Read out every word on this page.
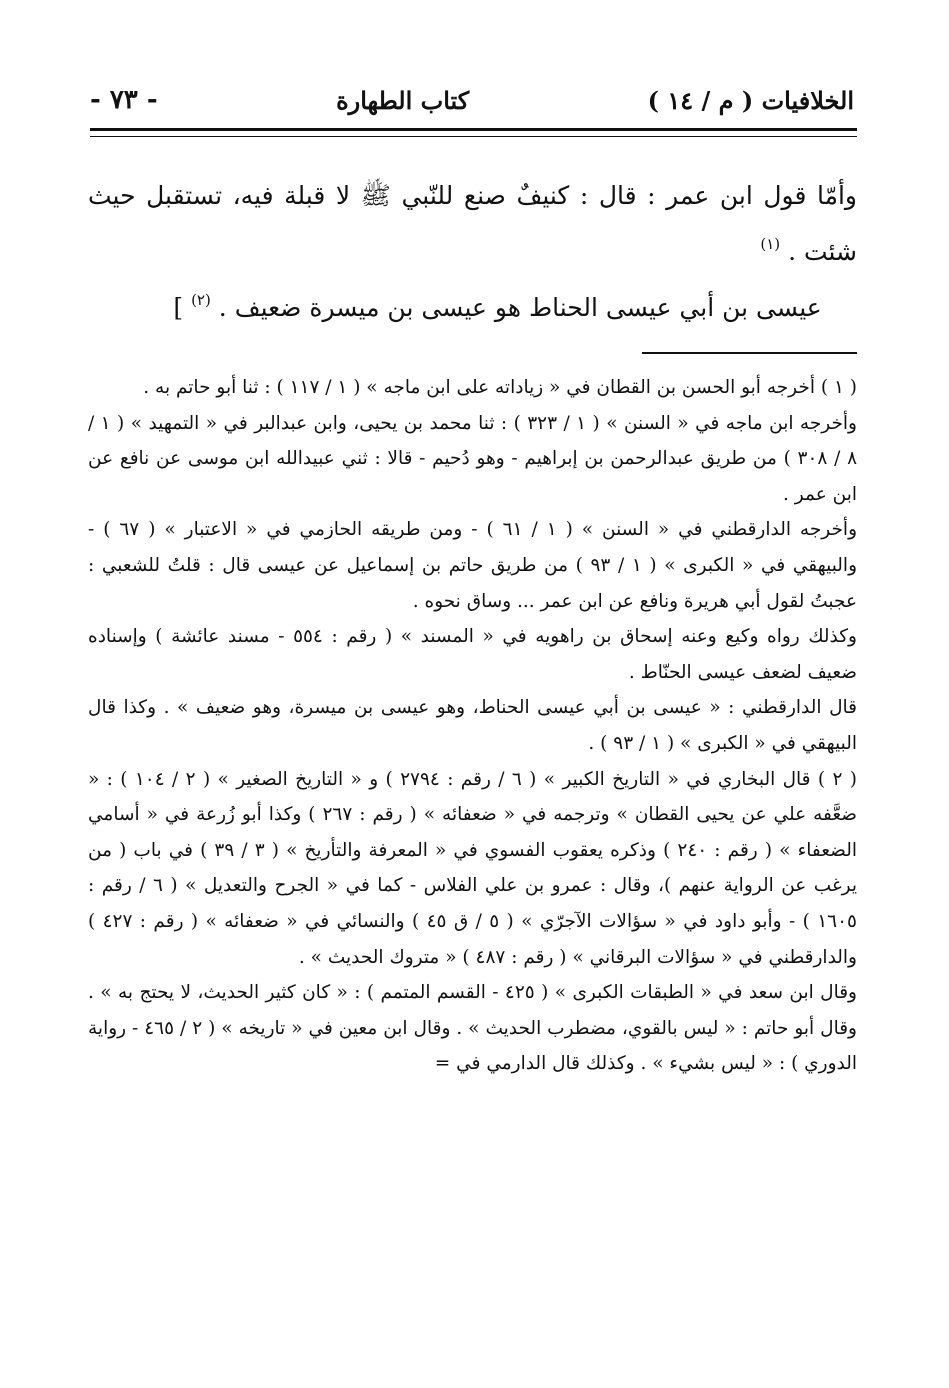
الخلافيات ( م / ١٤ )
كتاب الطهارة
- ٧٣ -

وأمّا قول ابن عمر : قال : كنيفٌ صنع للنّبي ﷺ لا قبلة فيه، تستقبل حيث شئت . $^{(١)}$

عيسى بن أبي عيسى الحناط هو عيسى بن ميسرة ضعيف . $^{(٢)}$ ]

( ١ ) أخرجه أبو الحسن بن القطان في « زياداته على ابن ماجه » ( ١ / ١١٧ ) : ثنا أبو حاتم به .

وأخرجه ابن ماجه في « السنن » ( ١ / ٣٢٣ ) : ثنا محمد بن يحيى، وابن عبدالبر في « التمهيد » ( ١ / ٨ / ٣٠٨ ) من طريق عبدالرحمن بن إبراهيم - وهو دُحيم - قالا : ثني عبيدالله ابن موسى عن نافع عن ابن عمر .

وأخرجه الدارقطني في « السنن » ( ١ / ٦١ ) - ومن طريقه الحازمي في « الاعتبار » ( ٦٧ ) - والبيهقي في « الكبرى » ( ١ / ٩٣ ) من طريق حاتم بن إسماعيل عن عيسى قال : قلتُ للشعبي : عجبتُ لقول أبي هريرة ونافع عن ابن عمر ... وساق نحوه .

وكذلك رواه وكيع وعنه إسحاق بن راهويه في « المسند » ( رقم : ٥٥٤ - مسند عائشة ) وإسناده ضعيف لضعف عيسى الحنّاط .

قال الدارقطني : « عيسى بن أبي عيسى الحناط، وهو عيسى بن ميسرة، وهو ضعيف » . وكذا قال البيهقي في « الكبرى » ( ١ / ٩٣ ) .

( ٢ ) قال البخاري في « التاريخ الكبير » ( ٦ / رقم : ٢٧٩٤ ) و « التاريخ الصغير » ( ٢ / ١٠٤ ) : « ضعَّفه علي عن يحيى القطان » وترجمه في « ضعفائه » ( رقم : ٢٦٧ ) وكذا أبو زُرعة في « أسامي الضعفاء » ( رقم : ٢٤٠ ) وذكره يعقوب الفسوي في « المعرفة والتأريخ » ( ٣ / ٣٩ ) في باب ( من يرغب عن الرواية عنهم )، وقال : عمرو بن علي الفلاس - كما في « الجرح والتعديل » ( ٦ / رقم : ١٦٠٥ ) - وأبو داود في « سؤالات الآجرّي » ( ٥ / ق ٤٥ ) والنسائي في « ضعفائه » ( رقم : ٤٢٧ ) والدارقطني في « سؤالات البرقاني » ( رقم : ٤٨٧ ) « متروك الحديث » .

وقال ابن سعد في « الطبقات الكبرى » ( ٤٢٥ - القسم المتمم ) : « كان كثير الحديث، لا يحتج به » . وقال أبو حاتم : « ليس بالقوي، مضطرب الحديث » . وقال ابن معين في « تاريخه » ( ٢ / ٤٦٥ - رواية الدوري ) : « ليس بشيء » . وكذلك قال الدارمي في =
